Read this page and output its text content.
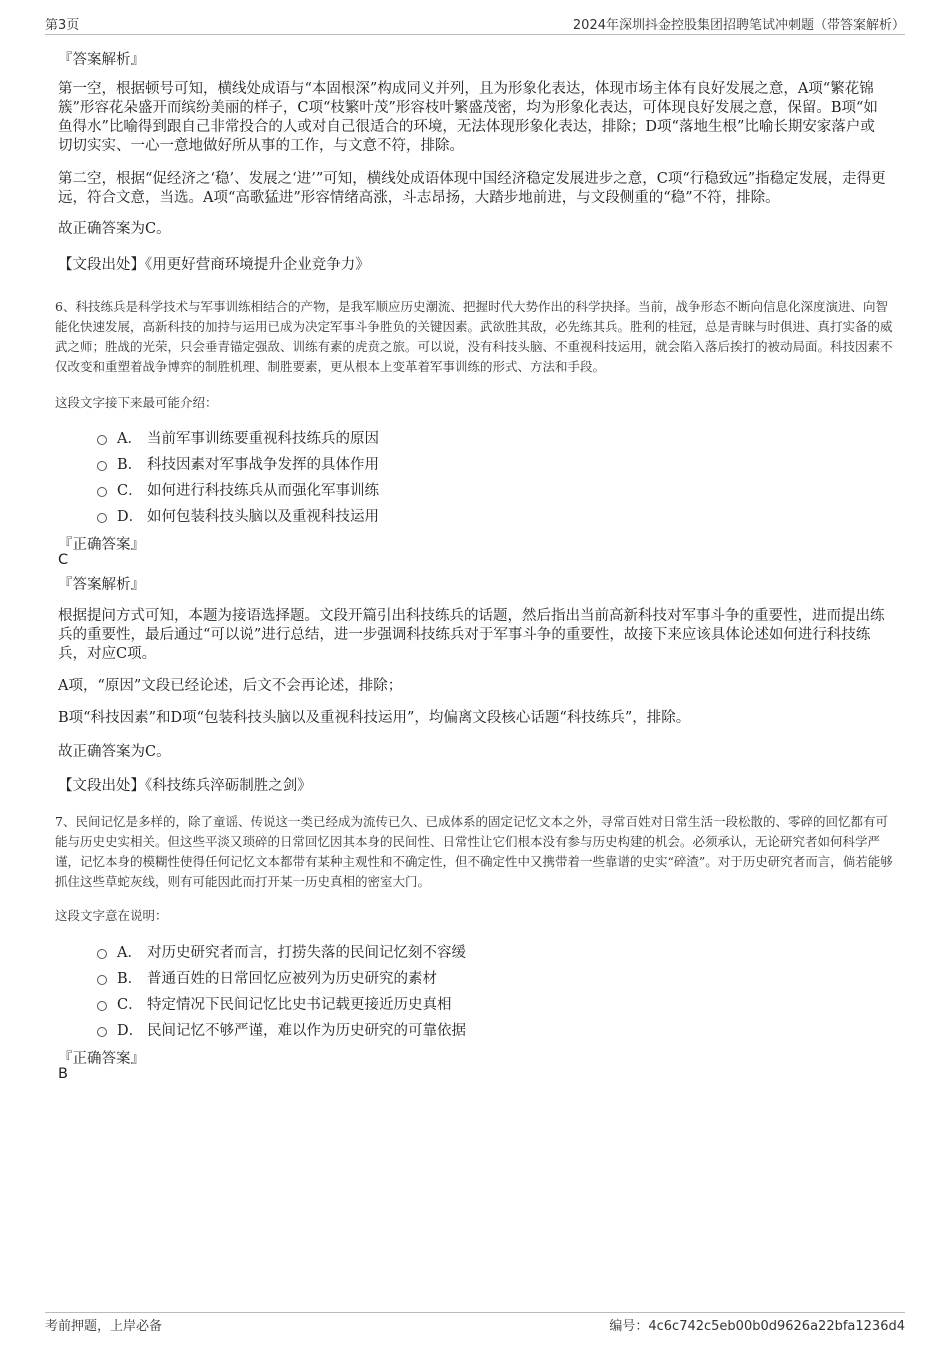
第3页	2024年深圳抖金控股集团招聘笔试冲刺题（带答案解析）
『答案解析』

第一空，根据顿号可知，横线处成语与“本固根深”构成同义并列，且为形象化表达，体现市场主体有良好发展之意，A项“繁花锦簇”形容花朵盛开而缤纷美丽的样子，C项“枝繁叶茂”形容枝叶繁盛茂密，均为形象化表达，可体现良好发展之意，保留。B项“如鱼得水”比喻得到跟自己非常投合的人或对自己很适合的环境，无法体现形象化表达，排除；D项“落地生根”比喻长期安家落户或切切实实、一心一意地做好所从事的工作，与文意不符，排除。

第二空，根据“促经济之‘稳’、发展之‘进’”可知，横线处成语体现中国经济稳定发展进步之意，C项“行稳致远”指稳定发展，走得更远，符合文意，当选。A项“高歌猛进”形容情绪高涨，斗志昂扬，大踏步地前进，与文段侧重的“稳”不符，排除。

故正确答案为C。

【文段出处】《用更好营商环境提升企业竞争力》

6、科技练兵是科学技术与军事训练相结合的产物，是我军顺应历史潮流、把握时代大势作出的科学抉择。当前，战争形态不断向信息化深度演进、向智能化快速发展，高新科技的加持与运用已成为决定军事斗争胜负的关键因素。武欲胜其敌，必先练其兵。胜利的桂冠，总是青睐与时俱进、真打实备的威武之师；胜战的光荣，只会垂青锚定强敌、训练有素的虎贲之旅。可以说，没有科技头脑、不重视科技运用，就会陷入落后挨打的被动局面。科技因素不仅改变和重塑着战争博弈的制胜机理、制胜要素，更从根本上变革着军事训练的形式、方法和手段。

这段文字接下来最可能介绍：
A． 当前军事训练要重视科技练兵的原因
B． 科技因素对军事战争发挥的具体作用
C． 如何进行科技练兵从而强化军事训练
D． 如何包装科技头脑以及重视科技运用
『正确答案』
C
『答案解析』

根据提问方式可知，本题为接语选择题。文段开篇引出科技练兵的话题，然后指出当前高新科技对军事斗争的重要性，进而提出练兵的重要性，最后通过“可以说”进行总结，进一步强调科技练兵对于军事斗争的重要性，故接下来应该具体论述如何进行科技练兵，对应C项。

A项，“原因”文段已经论述，后文不会再论述，排除；

B项“科技因素”和D项“包装科技头脑以及重视科技运用”，均偏离文段核心话题“科技练兵”，排除。

故正确答案为C。

【文段出处】《科技练兵淬砺制胜之剑》

7、民间记忆是多样的，除了童谣、传说这一类已经成为流传已久、已成体系的固定记忆文本之外，寻常百姓对日常生活一段松散的、零碎的回忆都有可能与历史史实相关。但这些平淡又琐碎的日常回忆因其本身的民间性、日常性让它们根本没有参与历史构建的机会。必须承认，无论研究者如何科学严谨，记忆本身的模糊性使得任何记忆文本都带有某种主观性和不确定性，但不确定性中又携带着一些靠谱的史实“碎渣”。对于历史研究者而言，倘若能够抓住这些草蛇灰线，则有可能因此而打开某一历史真相的密室大门。

这段文字意在说明：
A． 对历史研究者而言，打捞失落的民间记忆刻不容缓
B． 普通百姓的日常回忆应被列为历史研究的素材
C． 特定情况下民间记忆比史书记载更接近历史真相
D． 民间记忆不够严谨，难以作为历史研究的可靠依据
『正确答案』
B
考前押题，上岸必备	编号：4c6c742c5eb00b0d9626a22bfa1236d4
